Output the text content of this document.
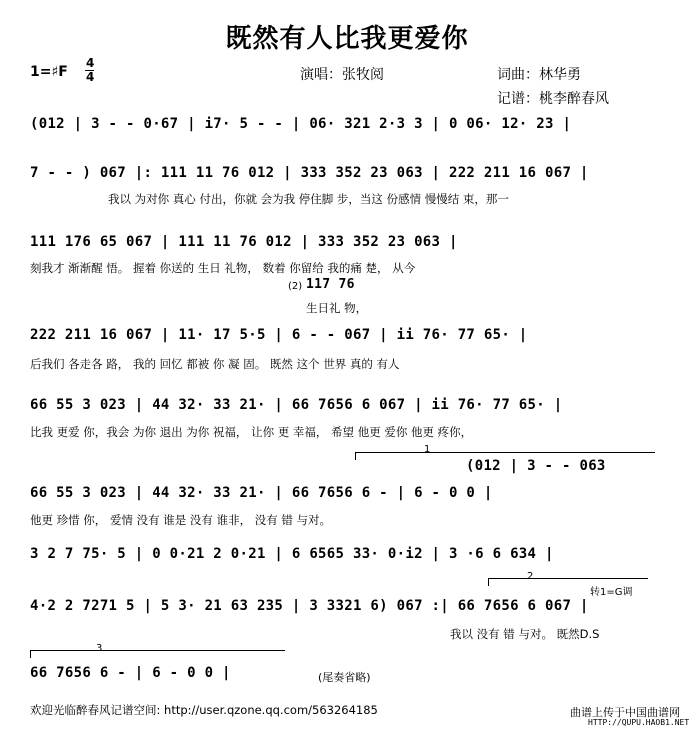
既然有人比我更爱你
1=♯F
4
4	演唱：张牧阅	词曲：林华勇
记谱：桃李醉春风
(012 | 3 - - 0·67 | i7· 5 - - | 06· 321 2·3 3 | 0 06· 12· 23 |
7 - - ) 067 |: 111 11 76 012 | 333 352 23 063 | 222 211 16 067 |
我以 为对你 真心 付出，你就 会为我 停住脚 步，当这 份感情 慢慢结 束，那一
111 176 65 067 | 111 11 76 012 | 333 352 23 063 |
刻我才 渐渐醒 悟。 握着 你送的 生日 礼物， 数着 你留给 我的痛 楚， 从今
(2) 117 76
生日礼 物，
222 211 16 067 | 11· 17 5·5 | 6 - - 067 | ii 76· 77 65· |
后我们 各走各 路， 我的 回忆 都被 你 凝 固。 既然 这个 世界 真的 有人
66 55 3 023 | 44 32· 33 21· | 66 7656 6 067 | ii 76· 77 65· |
比我 更爱 你，我会 为你 退出 为你 祝福， 让你 更 幸福， 希望 他更 爱你 他更 疼你，
1
(012 | 3 - - 063
66 55 3 023 | 44 32· 33 21· | 66 7656 6 - | 6 - 0 0 |
他更 珍惜 你， 爱情 没有 谁是 没有 谁非， 没有 错 与对。
3 2 7 75· 5 | 0 0·21 2 0·21 | 6 6565 33· 0·i2 | 3 ·6 6 634 |
2
转1=G调
4·2 2 7271 5 | 5 3· 21 63 235 | 3 3321 6) 067 :| 66 7656 6 067 |
我以 没有 错 与对。 既然D.S
3
66 7656 6 - | 6 - 0 0 |	(尾奏省略)
欢迎光临醉春风记谱空间: http://user.qzone.qq.com/563264185	曲谱上传于中国曲谱网
HTTP://QUPU.HAOB1.NET
